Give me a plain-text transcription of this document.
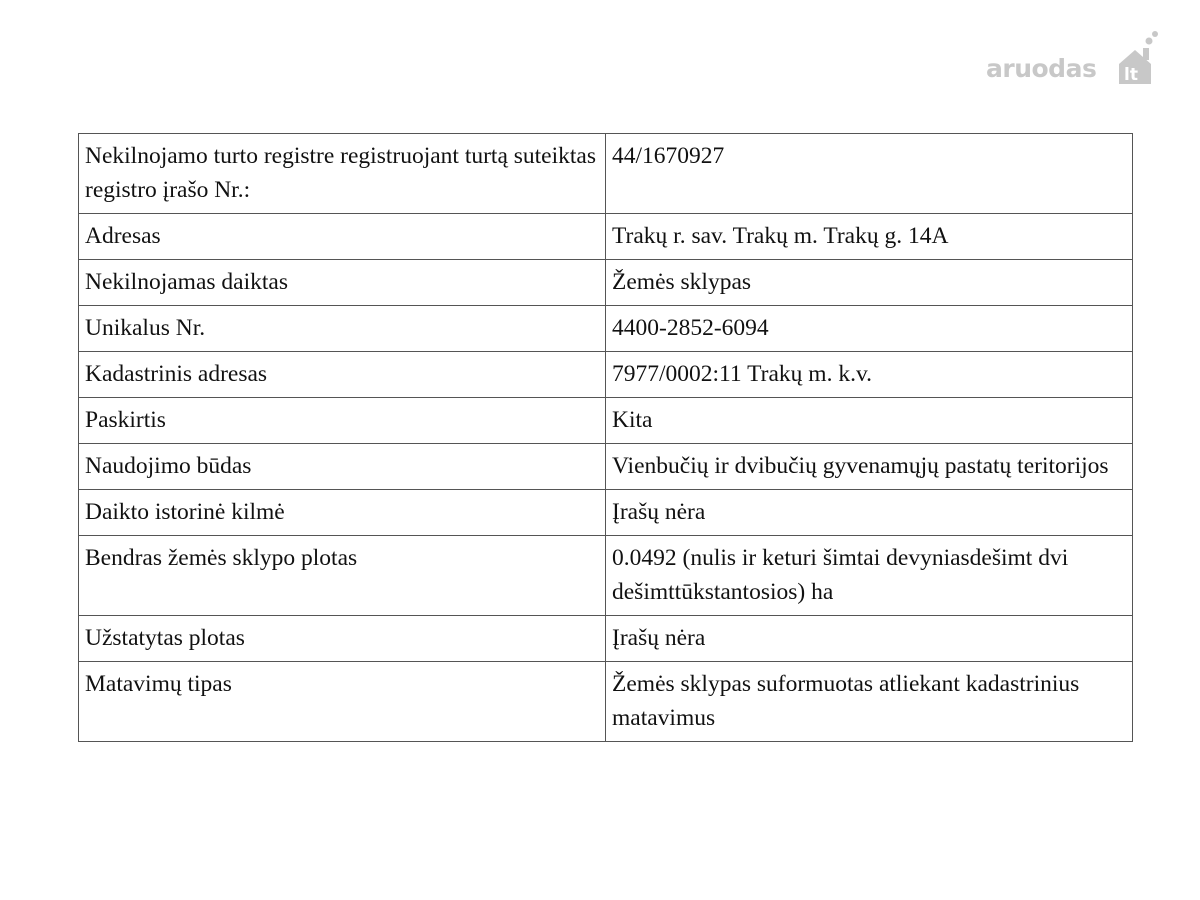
aruodas lt
Nekilnojamo turto registre registruojant turtą suteiktas registro įrašo Nr.:	44/1670927
Adresas	Trakų r. sav. Trakų m. Trakų g. 14A
Nekilnojamas daiktas	Žemės sklypas
Unikalus Nr.	4400-2852-6094
Kadastrinis adresas	7977/0002:11 Trakų m. k.v.
Paskirtis	Kita
Naudojimo būdas	Vienbučių ir dvibučių gyvenamųjų pastatų teritorijos
Daikto istorinė kilmė	Įrašų nėra
Bendras žemės sklypo plotas	0.0492 (nulis ir keturi šimtai devyniasdešimt dvi dešimttūkstantosios) ha
Užstatytas plotas	Įrašų nėra
Matavimų tipas	Žemės sklypas suformuotas atliekant kadastrinius matavimus
